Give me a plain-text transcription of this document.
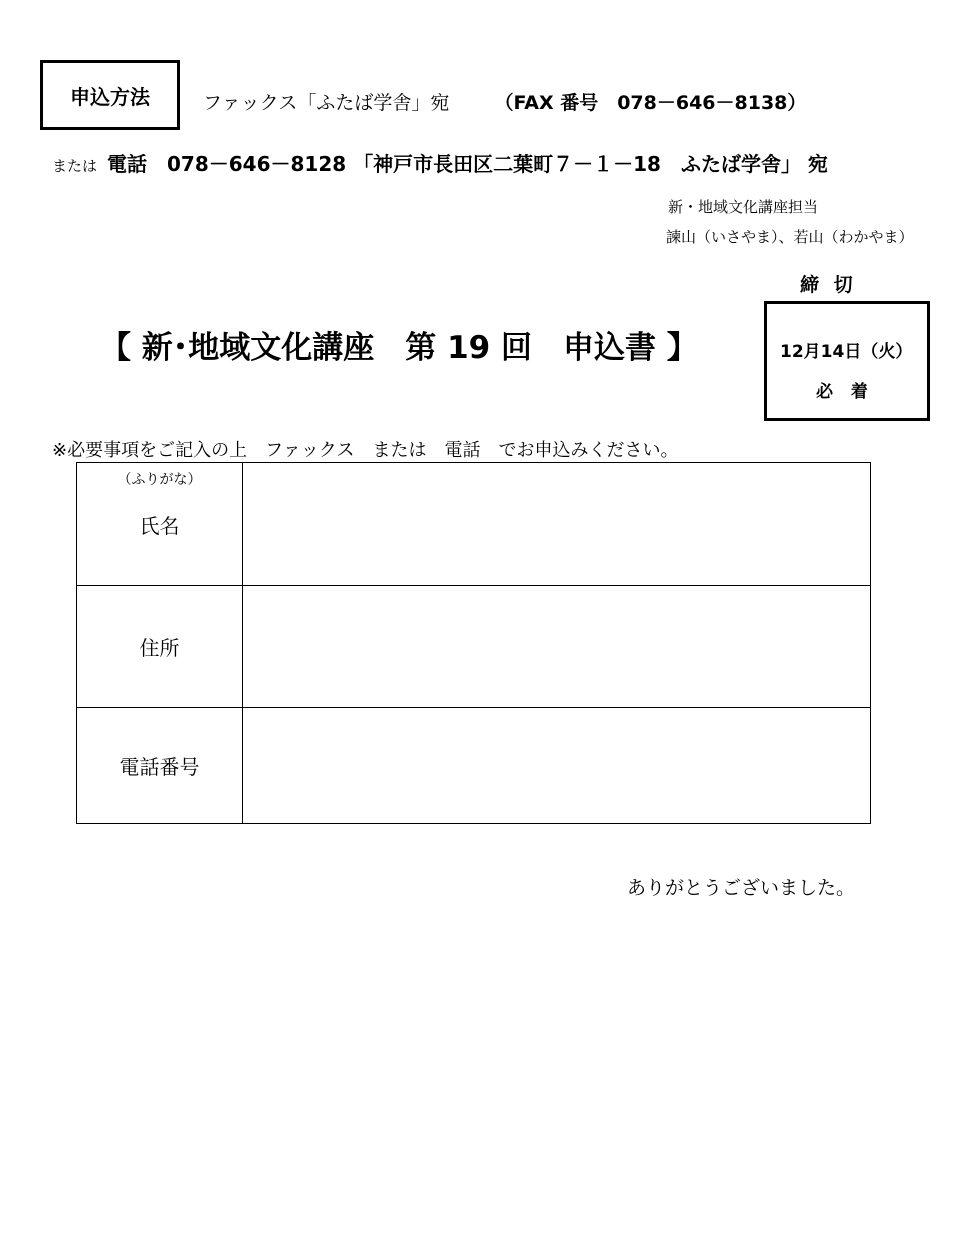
申込方法	ファックス「ふたば学舎」宛 （FAX 番号　078－646－8138）
または 電話　078－646－8128 「神戸市長田区二葉町７－１－18　ふたば学舎」 宛
新・地域文化講座担当
諫山（いさやま）、若山（わかやま）
締 切
12月14日（火）
必 着
【 新･地域文化講座　第 19 回　申込書 】
※必要事項をご記入の上　ファックス　または　電話　でお申込みください。
（ふりがな）
氏名
住所
電話番号
ありがとうございました。
